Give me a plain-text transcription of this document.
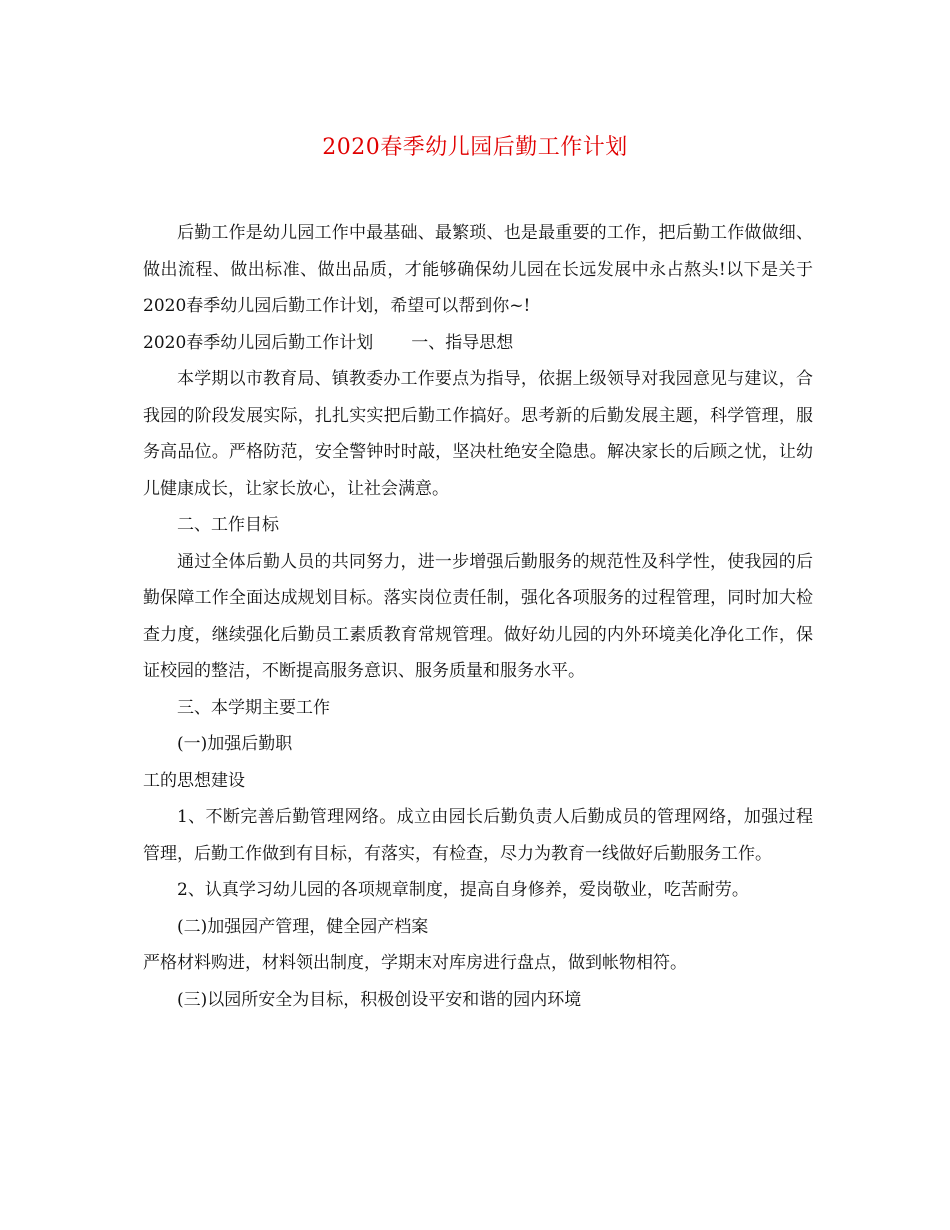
2020春季幼儿园后勤工作计划

后勤工作是幼儿园工作中最基础、最繁琐、也是最重要的工作，把后勤工作做做细、做出流程、做出标准、做出品质，才能够确保幼儿园在长远发展中永占熬头!以下是关于2020春季幼儿园后勤工作计划，希望可以帮到你~!

2020春季幼儿园后勤工作计划 一、指导思想

本学期以市教育局、镇教委办工作要点为指导，依据上级领导对我园意见与建议，合我园的阶段发展实际，扎扎实实把后勤工作搞好。思考新的后勤发展主题，科学管理，服务高品位。严格防范，安全警钟时时敲，坚决杜绝安全隐患。解决家长的后顾之忧，让幼儿健康成长，让家长放心，让社会满意。

二、工作目标

通过全体后勤人员的共同努力，进一步增强后勤服务的规范性及科学性，使我园的后勤保障工作全面达成规划目标。落实岗位责任制，强化各项服务的过程管理，同时加大检查力度，继续强化后勤员工素质教育常规管理。做好幼儿园的内外环境美化净化工作，保证校园的整洁，不断提高服务意识、服务质量和服务水平。

三、本学期主要工作

(一)加强后勤职

工的思想建设

1、不断完善后勤管理网络。成立由园长后勤负责人后勤成员的管理网络，加强过程管理，后勤工作做到有目标，有落实，有检查，尽力为教育一线做好后勤服务工作。

2、认真学习幼儿园的各项规章制度，提高自身修养，爱岗敬业，吃苦耐劳。

(二)加强园产管理，健全园产档案

严格材料购进，材料领出制度，学期末对库房进行盘点，做到帐物相符。

(三)以园所安全为目标，积极创设平安和谐的园内环境
